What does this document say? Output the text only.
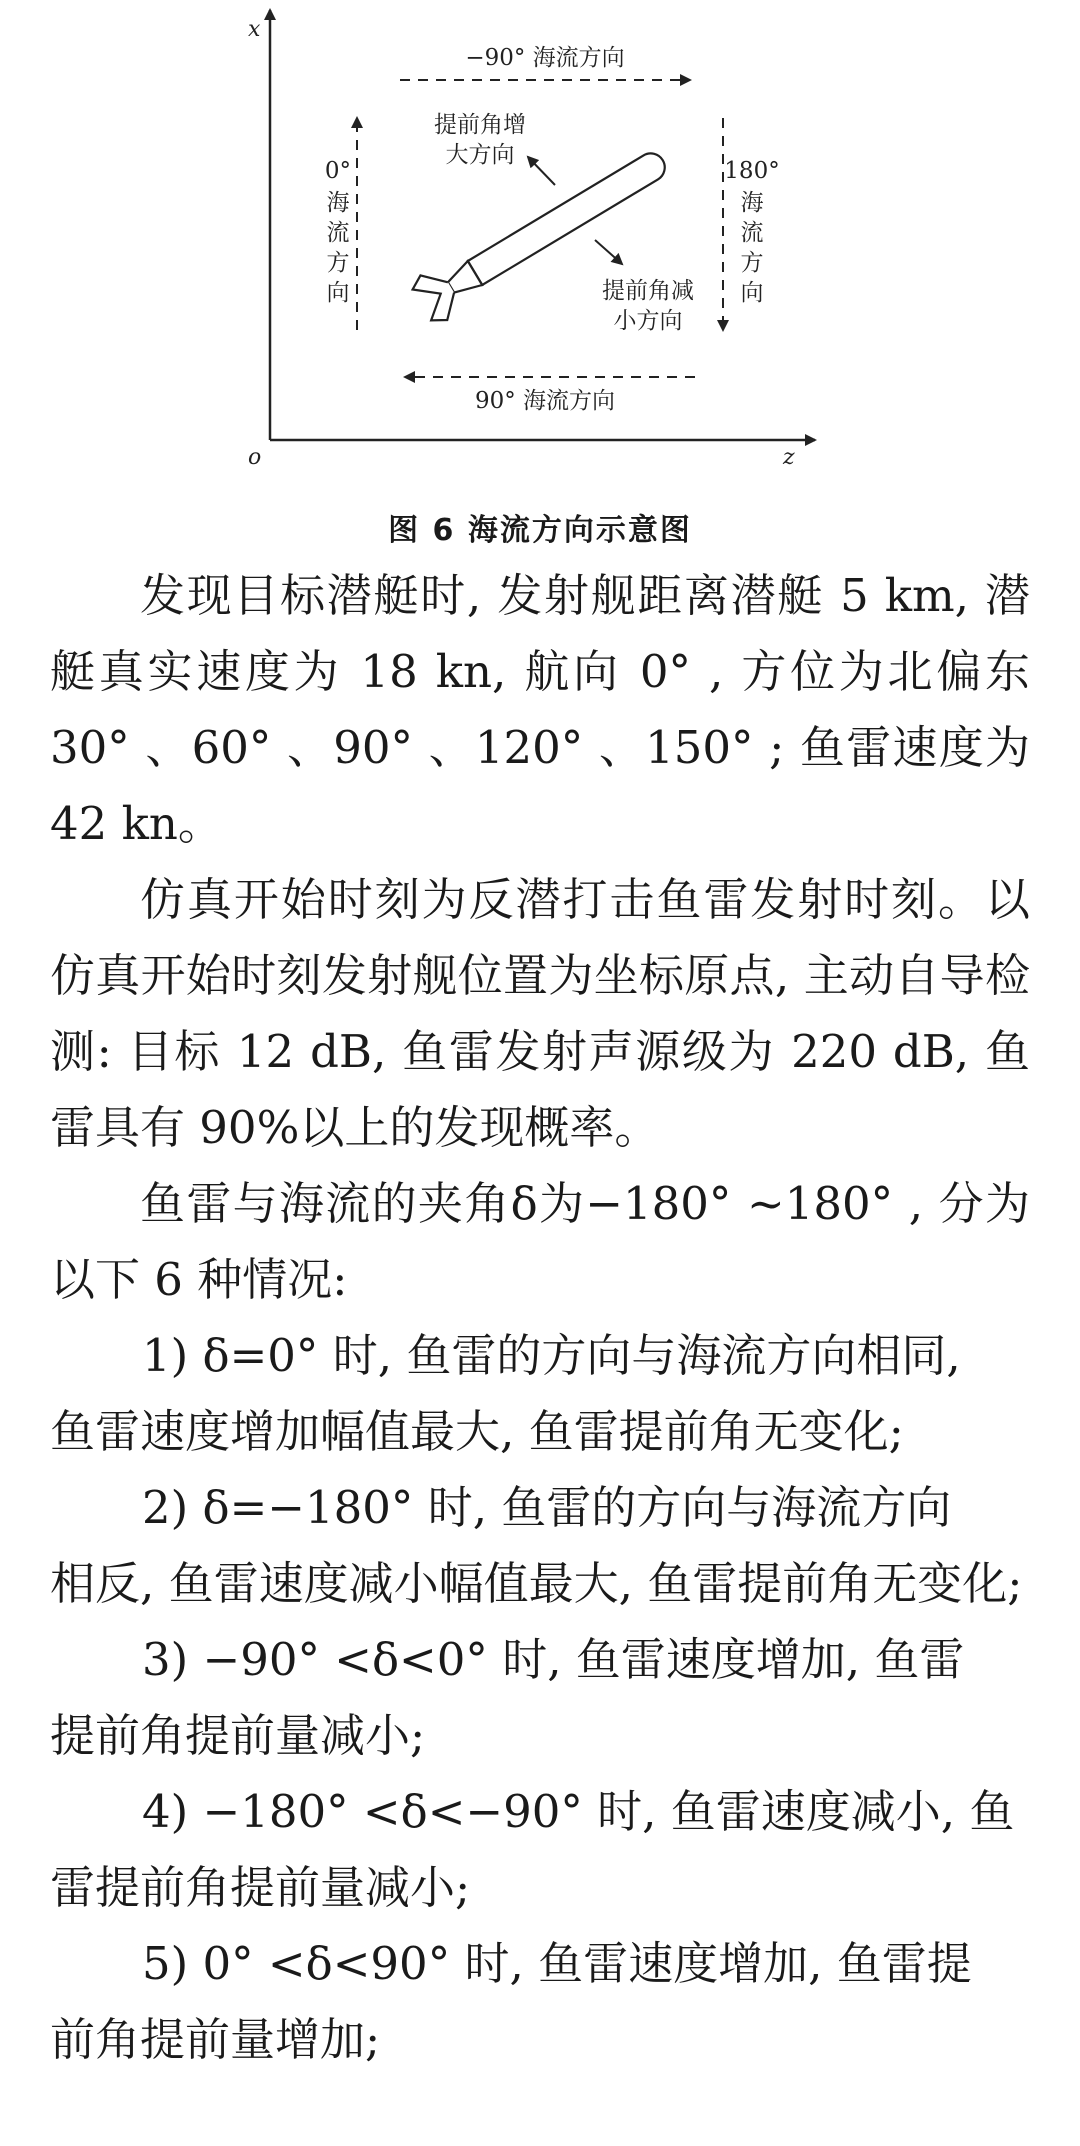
x
z
o
−90° 海流方向
90° 海流方向
0°
海
流
方
向
180°
海
流
方
向
提前角增
大方向
提前角减
小方向
图 6 海流方向示意图

发现目标潜艇时, 发射舰距离潜艇 5 km, 潜艇真实速度为 18 kn, 航向 0° , 方位为北偏东 30° 、60° 、90° 、120° 、150° ; 鱼雷速度为 42 kn。

仿真开始时刻为反潜打击鱼雷发射时刻。以仿真开始时刻发射舰位置为坐标原点, 主动自导检测: 目标 12 dB, 鱼雷发射声源级为 220 dB, 鱼雷具有 90%以上的发现概率。

鱼雷与海流的夹角δ为−180° ~180° , 分为以下 6 种情况:

1) δ=0° 时, 鱼雷的方向与海流方向相同,

鱼雷速度增加幅值最大, 鱼雷提前角无变化;

2) δ=−180° 时, 鱼雷的方向与海流方向

相反, 鱼雷速度减小幅值最大, 鱼雷提前角无变化;

3) −90° <δ<0° 时, 鱼雷速度增加, 鱼雷

提前角提前量减小;

4) −180° <δ<−90° 时, 鱼雷速度减小, 鱼

雷提前角提前量减小;

5) 0° <δ<90° 时, 鱼雷速度增加, 鱼雷提

前角提前量增加;
